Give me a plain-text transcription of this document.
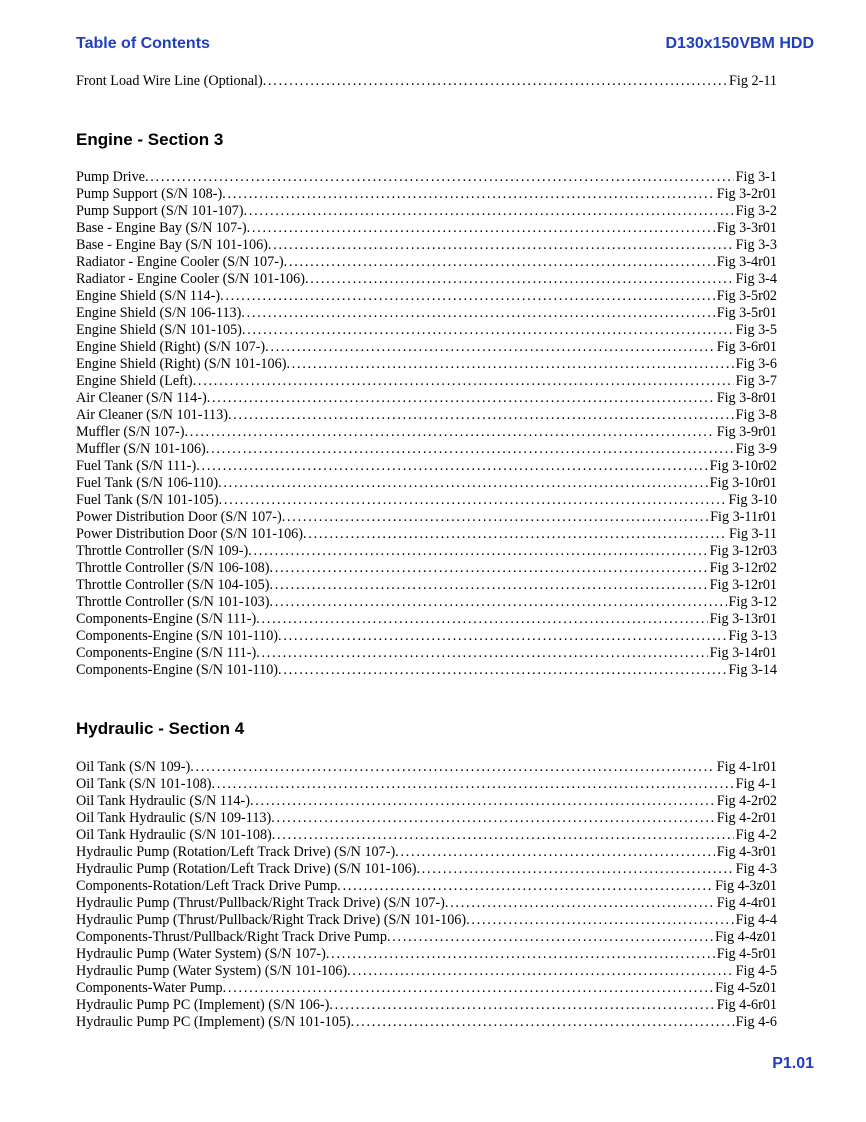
Table of Contents	D130x150VBM HDD
Front Load Wire Line (Optional) . . .	Fig 2-11
Engine - Section 3
Pump Drive . . .	Fig 3-1
Pump Support (S/N 108-) . . .	Fig 3-2r01
Pump Support (S/N 101-107) . . .	Fig 3-2
Base - Engine Bay (S/N 107-) . . .	Fig 3-3r01
Base - Engine Bay (S/N 101-106) . . .	Fig 3-3
Radiator - Engine Cooler (S/N 107-) . . .	Fig 3-4r01
Radiator - Engine Cooler (S/N 101-106) . . .	Fig 3-4
Engine Shield (S/N 114-) . . .	Fig 3-5r02
Engine Shield (S/N 106-113) . . .	Fig 3-5r01
Engine Shield (S/N 101-105) . . .	Fig 3-5
Engine Shield (Right) (S/N 107-) . . .	Fig 3-6r01
Engine Shield (Right) (S/N 101-106) . . .	Fig 3-6
Engine Shield (Left) . . .	Fig 3-7
Air Cleaner (S/N 114-) . . .	Fig 3-8r01
Air Cleaner (S/N 101-113) . . .	Fig 3-8
Muffler (S/N 107-) . . .	Fig 3-9r01
Muffler (S/N 101-106) . . .	Fig 3-9
Fuel Tank (S/N 111-) . . .	Fig 3-10r02
Fuel Tank (S/N 106-110) . . .	Fig 3-10r01
Fuel Tank (S/N 101-105) . . .	Fig 3-10
Power Distribution Door (S/N 107-) . . .	Fig 3-11r01
Power Distribution Door (S/N 101-106) . . .	Fig 3-11
Throttle Controller (S/N 109-) . . .	Fig 3-12r03
Throttle Controller (S/N 106-108) . . .	Fig 3-12r02
Throttle Controller (S/N 104-105) . . .	Fig 3-12r01
Throttle Controller (S/N 101-103) . . .	Fig 3-12
Components-Engine (S/N 111-) . . .	Fig 3-13r01
Components-Engine (S/N 101-110) . . .	Fig 3-13
Components-Engine (S/N 111-) . . .	Fig 3-14r01
Components-Engine (S/N 101-110) . . .	Fig 3-14
Hydraulic - Section 4
Oil Tank (S/N 109-) . . .	Fig 4-1r01
Oil Tank (S/N 101-108) . . .	Fig 4-1
Oil Tank Hydraulic (S/N 114-) . . .	Fig 4-2r02
Oil Tank Hydraulic (S/N 109-113) . . .	Fig 4-2r01
Oil Tank Hydraulic (S/N 101-108) . . .	Fig 4-2
Hydraulic Pump (Rotation/Left Track Drive) (S/N 107-) . . .	Fig 4-3r01
Hydraulic Pump (Rotation/Left Track Drive) (S/N 101-106) . . .	Fig 4-3
Components-Rotation/Left Track Drive Pump . . .	Fig 4-3z01
Hydraulic Pump (Thrust/Pullback/Right Track Drive) (S/N 107-) . . .	Fig 4-4r01
Hydraulic Pump (Thrust/Pullback/Right Track Drive) (S/N 101-106) . . .	Fig 4-4
Components-Thrust/Pullback/Right Track Drive Pump . . .	Fig 4-4z01
Hydraulic Pump (Water System) (S/N 107-) . . .	Fig 4-5r01
Hydraulic Pump (Water System) (S/N 101-106) . . .	Fig 4-5
Components-Water Pump . . .	Fig 4-5z01
Hydraulic Pump PC (Implement) (S/N 106-) . . .	Fig 4-6r01
Hydraulic Pump PC (Implement) (S/N 101-105) . . .	Fig 4-6
P1.01
